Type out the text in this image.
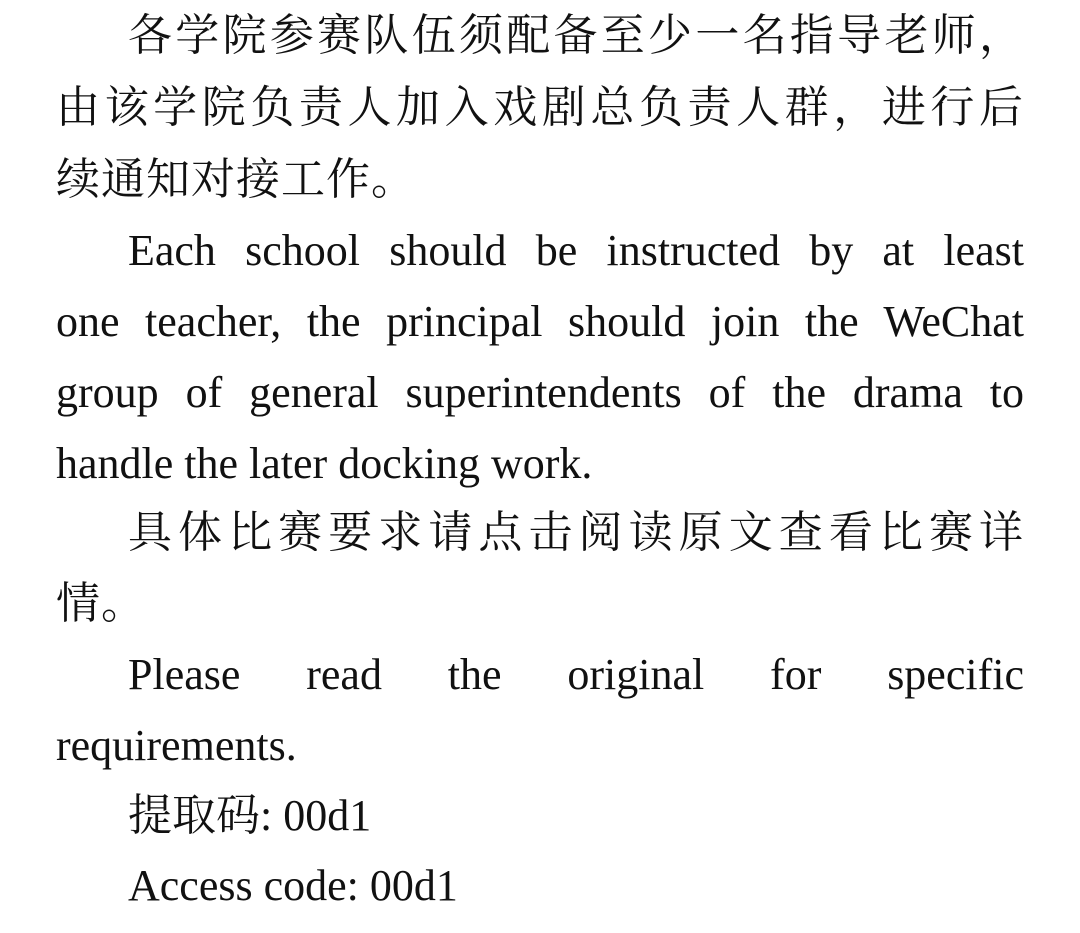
各学院参赛队伍须配备至少一名指导老师，
由该学院负责人加入戏剧总负责人群，进行后
续通知对接工作。
Each school should be instructed by at least
one teacher, the principal should join the WeChat
group of general superintendents of the drama to
handle the later docking work.
具体比赛要求请点击阅读原文查看比赛详
情。
Please read the original for specific
requirements.
提取码: 00d1
Access code: 00d1
